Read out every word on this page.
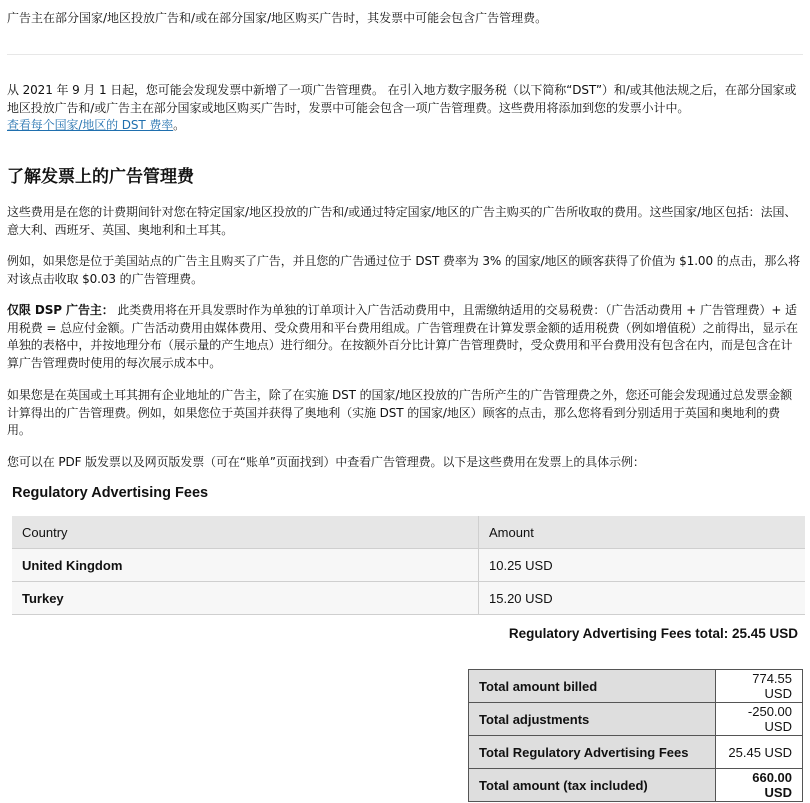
广告主在部分国家/地区投放广告和/或在部分国家/地区购买广告时，其发票中可能会包含广告管理费。
从 2021 年 9 月 1 日起，您可能会发现发票中新增了一项广告管理费。 在引入地方数字服务税（以下简称“DST”）和/或其他法规之后，在部分国家或地区投放广告和/或广告主在部分国家或地区购买广告时，发票中可能会包含一项广告管理费。这些费用将添加到您的发票小计中。
查看每个国家/地区的 DST 费率。
了解发票上的广告管理费
这些费用是在您的计费期间针对您在特定国家/地区投放的广告和/或通过特定国家/地区的广告主购买的广告所收取的费用。这些国家/地区包括：法国、意大利、西班牙、英国、奥地利和土耳其。
例如，如果您是位于美国站点的广告主且购买了广告，并且您的广告通过位于 DST 费率为 3% 的国家/地区的顾客获得了价值为 $1.00 的点击，那么将对该点击收取 $0.03 的广告管理费。
仅限 DSP 广告主： 此类费用将在开具发票时作为单独的订单项计入广告活动费用中，且需缴纳适用的交易税费：（广告活动费用 + 广告管理费）+ 适用税费 = 总应付金额。广告活动费用由媒体费用、受众费用和平台费用组成。广告管理费在计算发票金额的适用税费（例如增值税）之前得出，显示在单独的表格中，并按地理分布（展示量的产生地点）进行细分。在按额外百分比计算广告管理费时，受众费用和平台费用没有包含在内，而是包含在计算广告管理费时使用的每次展示成本中。
如果您是在英国或土耳其拥有企业地址的广告主，除了在实施 DST 的国家/地区投放的广告所产生的广告管理费之外，您还可能会发现通过总发票金额计算得出的广告管理费。例如，如果您位于英国并获得了奥地利（实施 DST 的国家/地区）顾客的点击，那么您将看到分别适用于英国和奥地利的费用。
您可以在 PDF 版发票以及网页版发票（可在“账单”页面找到）中查看广告管理费。以下是这些费用在发票上的具体示例：
Regulatory Advertising Fees
Country	Amount
United Kingdom	10.25 USD
Turkey	15.20 USD
Regulatory Advertising Fees total: 25.45 USD
Total amount billed	774.55 USD
Total adjustments	-250.00 USD
Total Regulatory Advertising Fees	25.45 USD
Total amount (tax included)	660.00 USD
